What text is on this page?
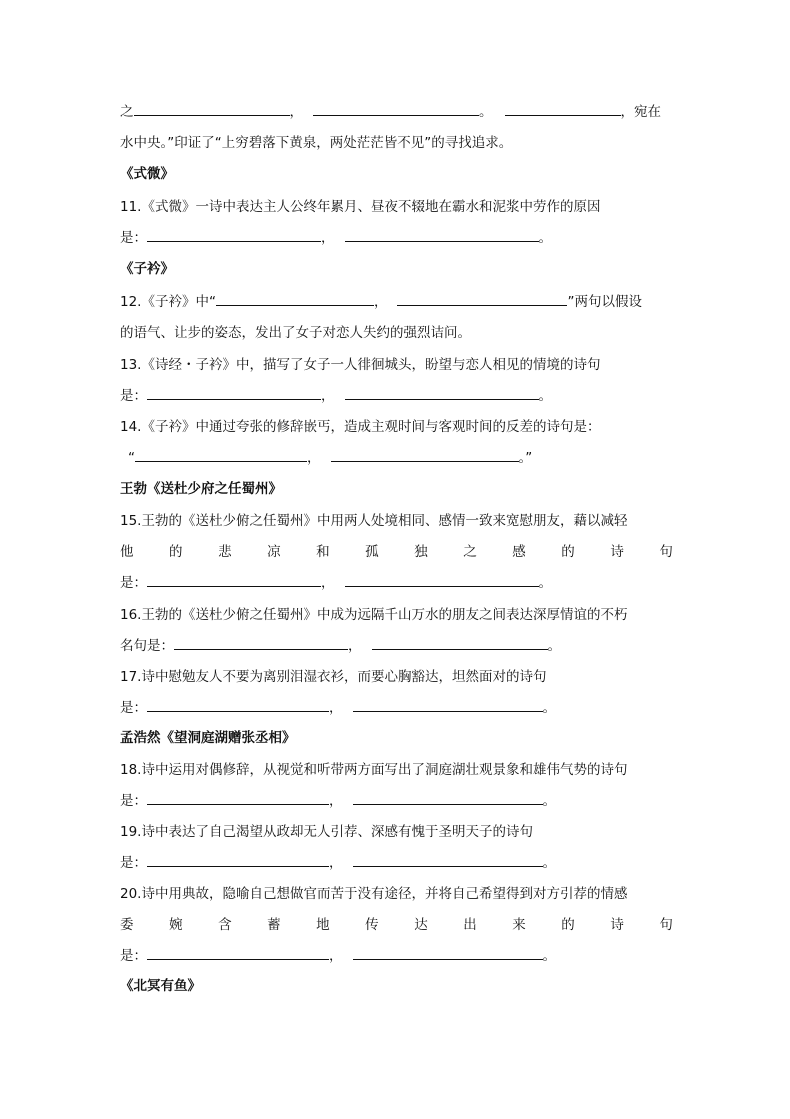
之	，	。	，宛在
水中央。”印证了“上穷碧落下黄泉，两处茫茫皆不见”的寻找追求。
《式微》
11.《式微》一诗中表达主人公终年累月、昼夜不辍地在霸水和泥浆中劳作的原因
是：	，	。
《子衿》
12.《子衿》中“	，	”两句以假设
的语气、让步的姿态，发出了女子对恋人失约的强烈诘问。
13.《诗经・子衿》中，描写了女子一人徘徊城头，盼望与恋人相见的情境的诗句
是：	，	。
14.《子衿》中通过夸张的修辞嵌丐，造成主观时间与客观时间的反差的诗句是：
“	，	。”
王勃《送杜少府之任蜀州》
15.王勃的《送杜少俯之任蜀州》中用两人处境相同、感情一致来宽慰朋友，藉以减轻
他	的	悲	凉	和	孤	独	之	感	的	诗	句
是：	，	。
16.王勃的《送杜少俯之任蜀州》中成为远隔千山万水的朋友之间表达深厚情谊的不朽
名句是：	，	。
17.诗中慰勉友人不要为离别泪湿衣衫，而要心胸豁达，坦然面对的诗句
是：	，	。
孟浩然《望洞庭湖赠张丞相》
18.诗中运用对偶修辞，从视觉和听带两方面写出了洞庭湖壮观景象和雄伟气势的诗句
是：	，	。
19.诗中表达了自己渴望从政却无人引荐、深感有愧于圣明天子的诗句
是：	，	。
20.诗中用典故，隐喻自己想做官而苦于没有途径，并将自己希望得到对方引荐的情感
委	婉	含	蓄	地	传	达	出	来	的	诗	句
是：	，	。
《北冥有鱼》
